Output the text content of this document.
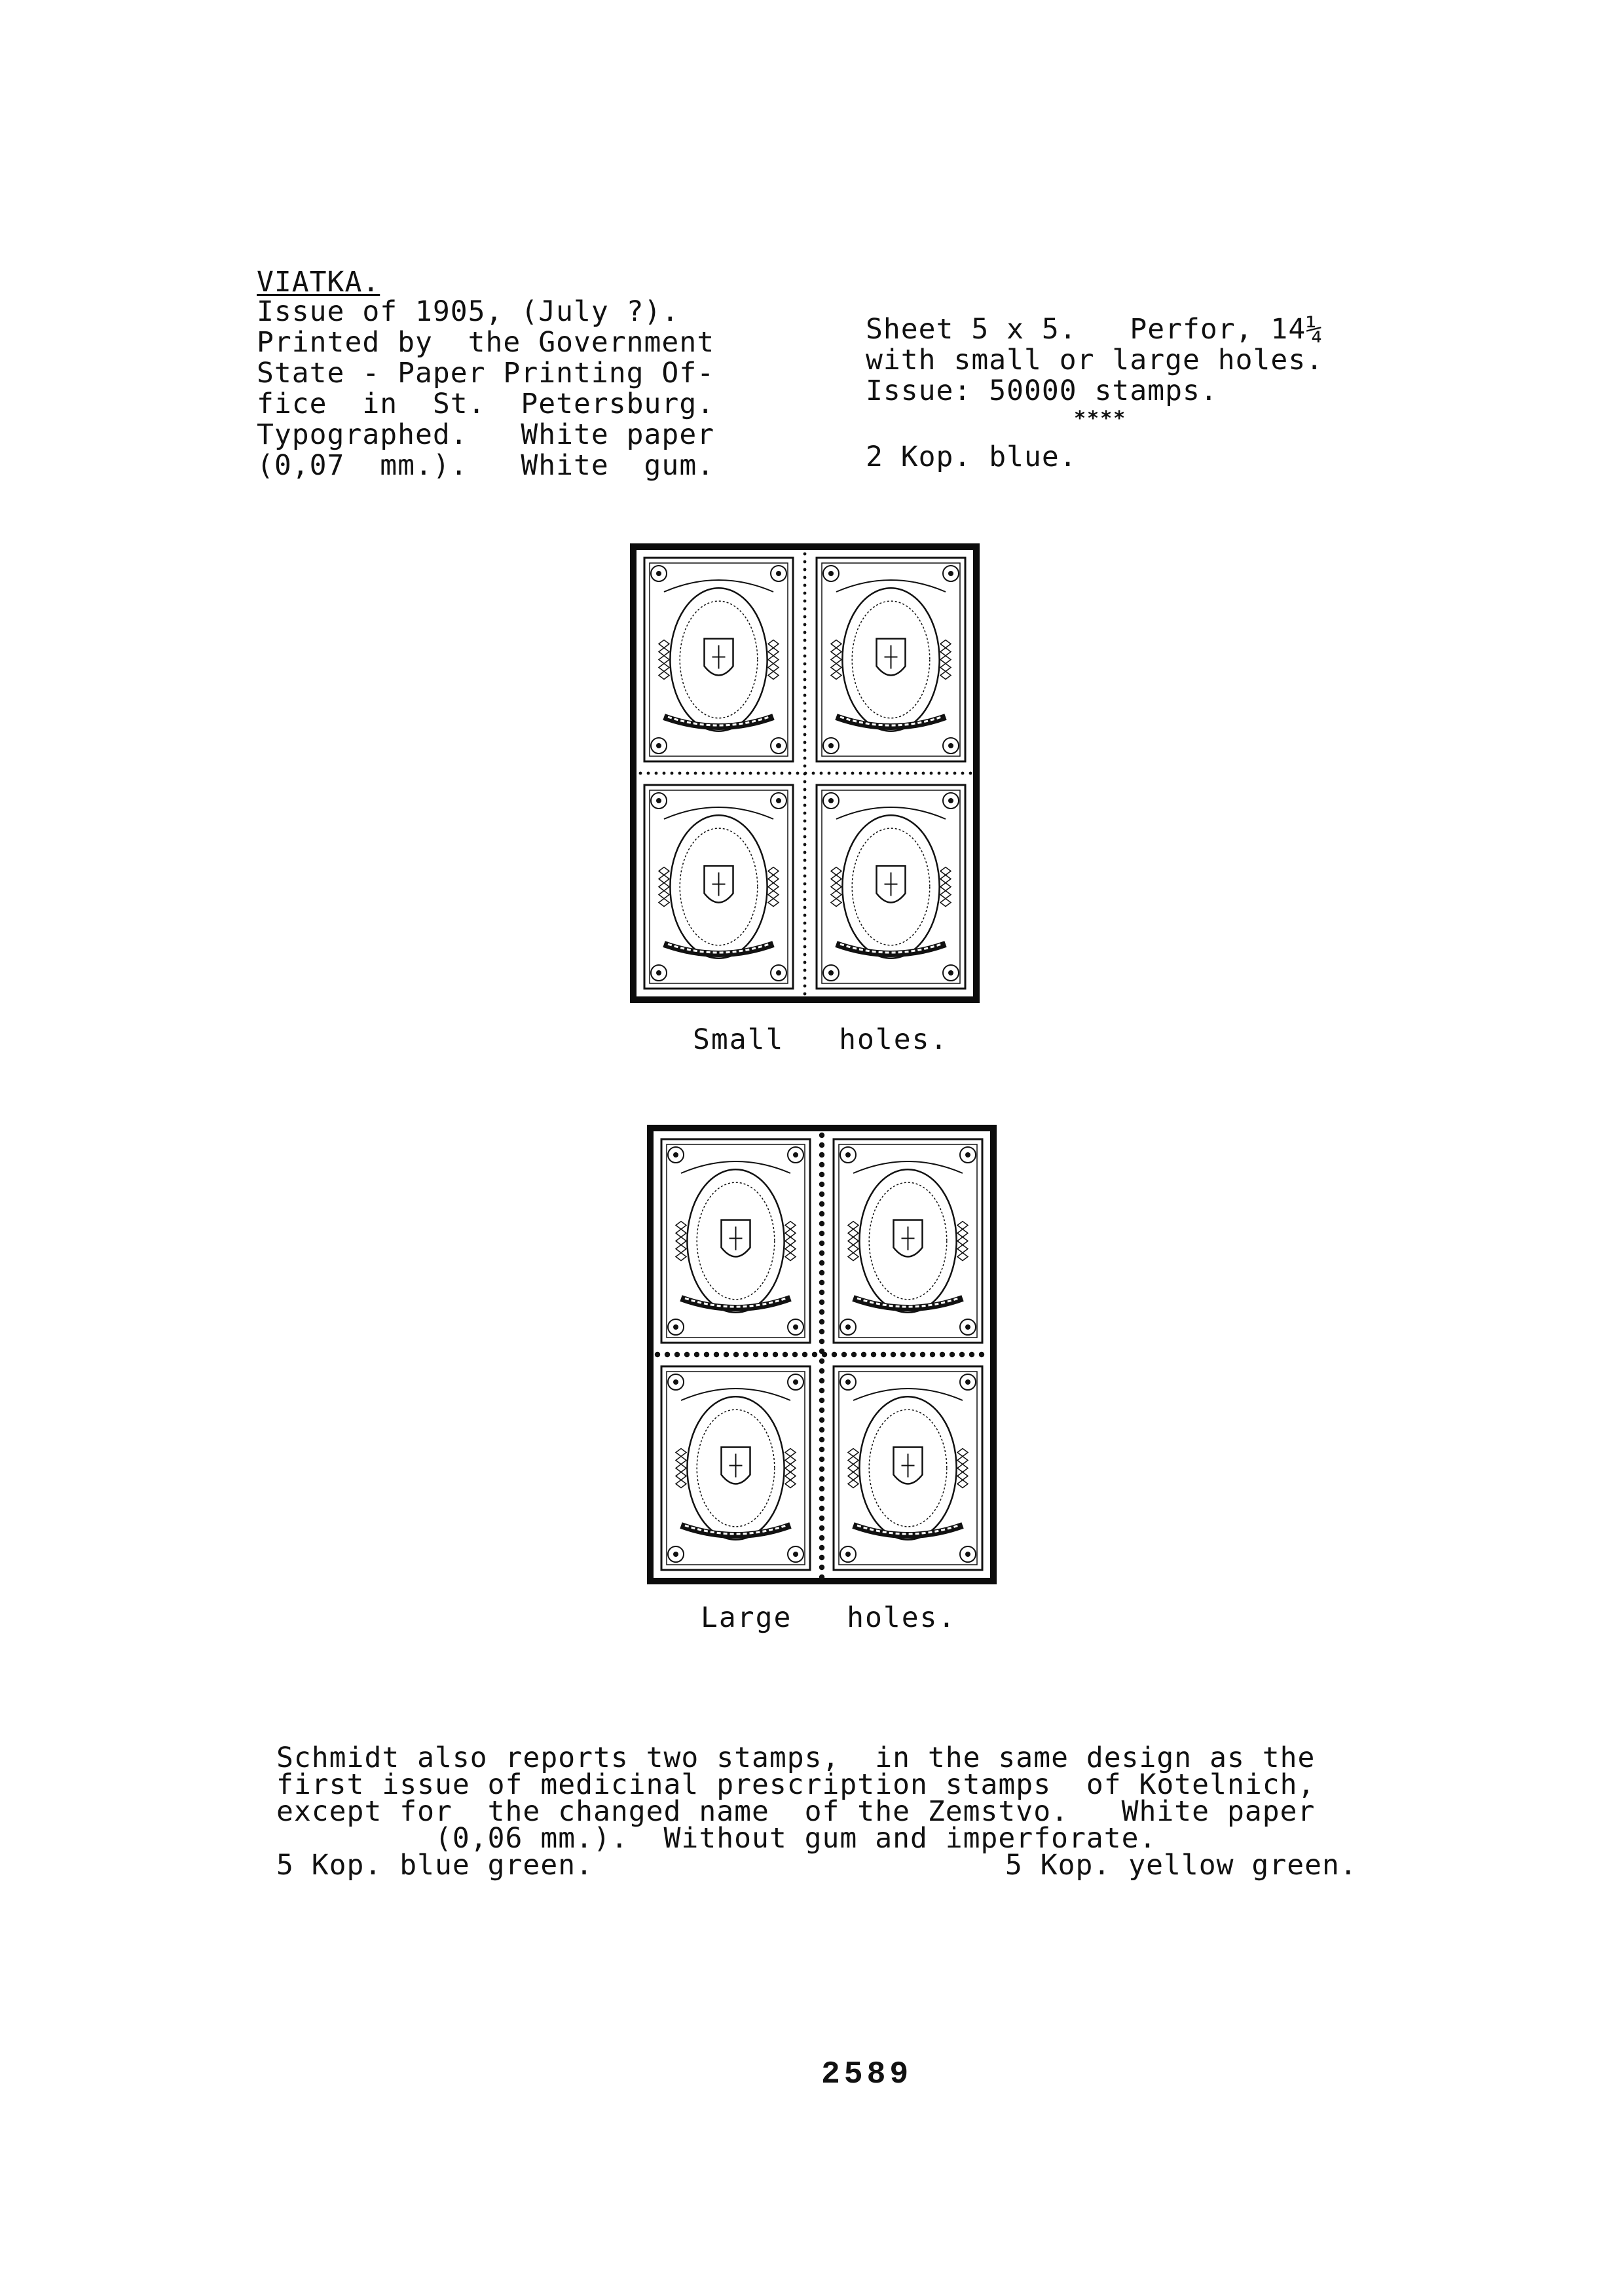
VIATKA.
Issue of 1905, (July ?).
Printed by  the Government
State - Paper Printing Of-
fice  in  St.  Petersburg.
Typographed.   White paper
(0,07  mm.).   White  gum.
Sheet 5 x 5.   Perfor, 14¼
with small or large holes.
Issue: 50000 stamps.
****
2 Kop. blue.
Small   holes.
Large   holes.
Schmidt also reports two stamps,  in the same design as the
first issue of medicinal prescription stamps  of Kotelnich,
except for  the changed name  of the Zemstvo.   White paper
(0,06 mm.).  Without gum and imperforate.
5 Kop. blue green.	5 Kop. yellow green.
2589
